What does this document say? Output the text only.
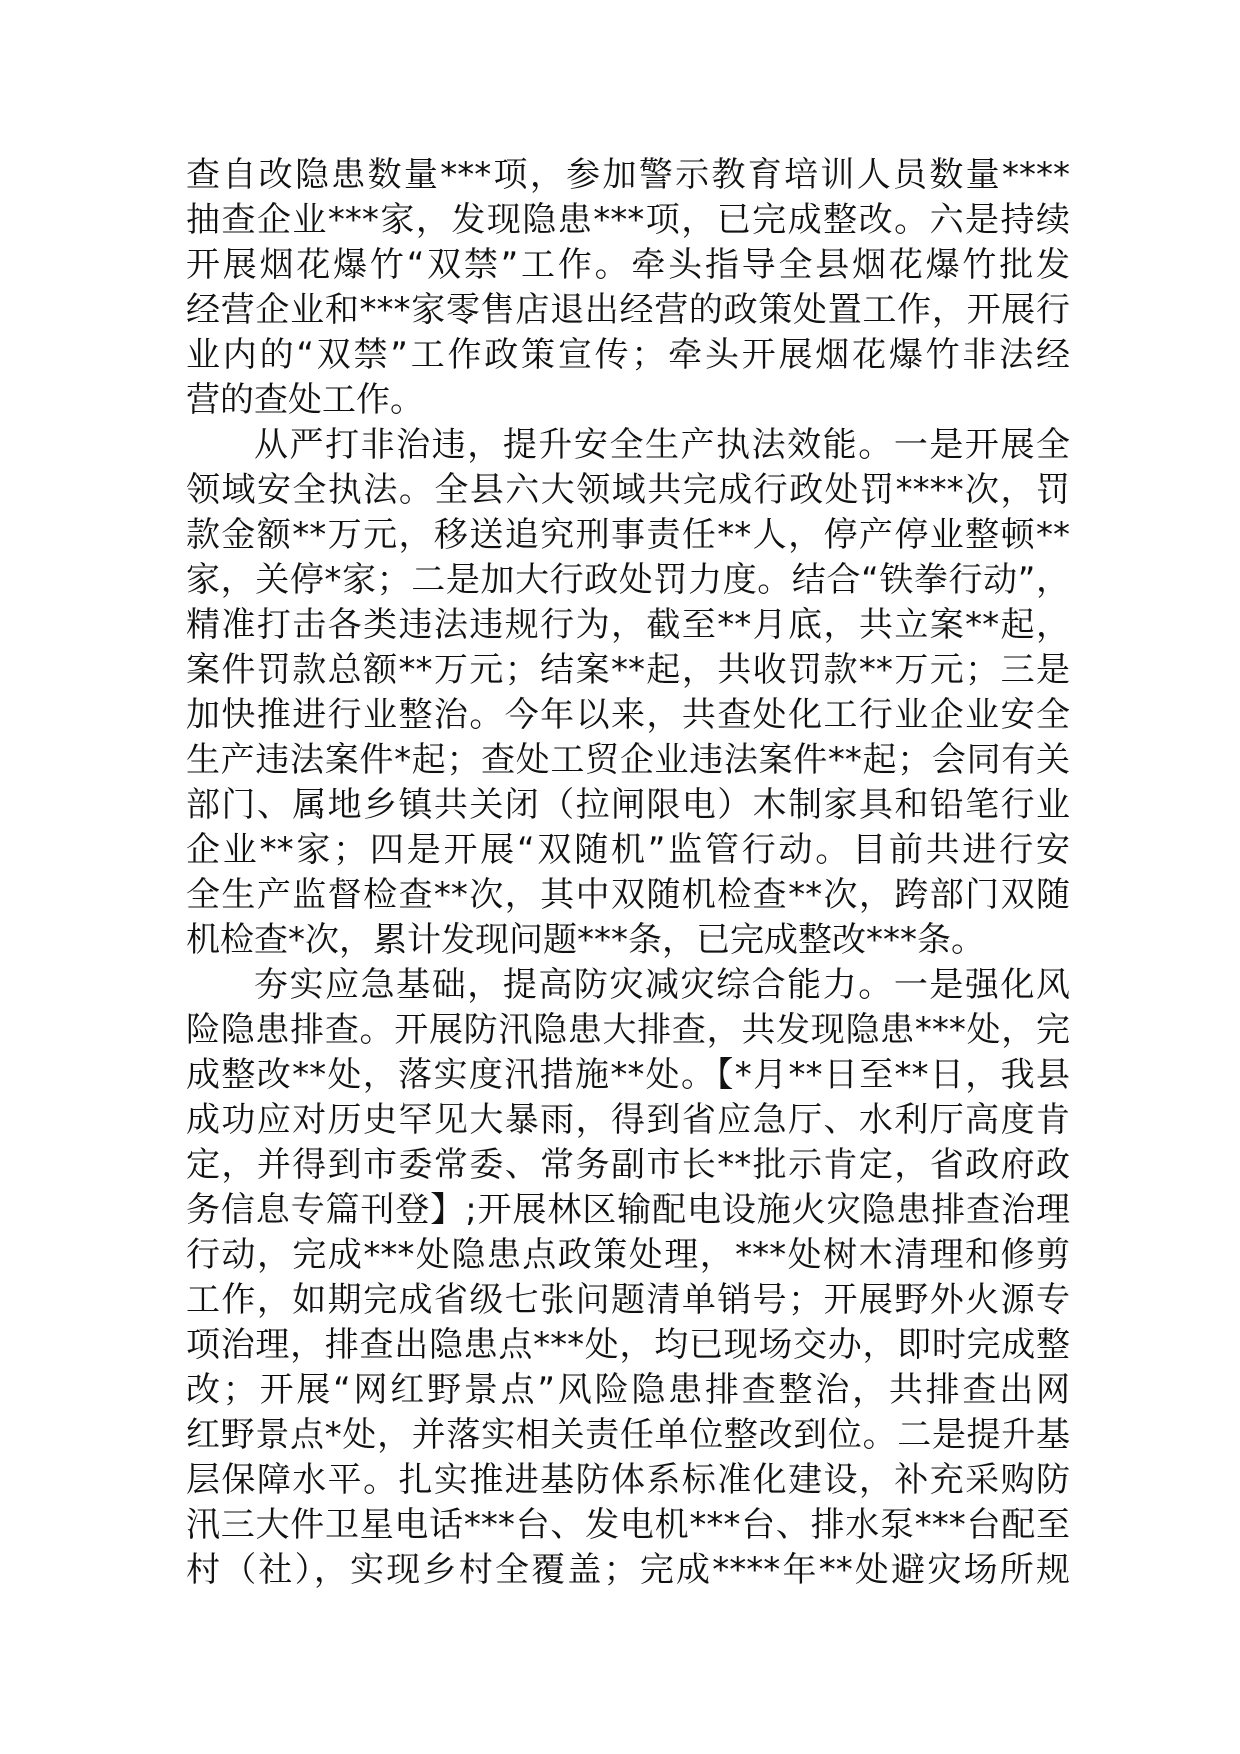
查自改隐患数量***项，参加警示教育培训人员数量****
抽查企业***家，发现隐患***项，已完成整改。六是持续
开展烟花爆竹“双禁”工作。牵头指导全县烟花爆竹批发
经营企业和***家零售店退出经营的政策处置工作，开展行
业内的“双禁”工作政策宣传；牵头开展烟花爆竹非法经
营的查处工作。
从严打非治违，提升安全生产执法效能。一是开展全
领域安全执法。全县六大领域共完成行政处罚****次，罚
款金额**万元，移送追究刑事责任**人，停产停业整顿**
家，关停*家；二是加大行政处罚力度。结合“铁拳行动”，
精准打击各类违法违规行为，截至**月底，共立案**起，
案件罚款总额**万元；结案**起，共收罚款**万元；三是
加快推进行业整治。今年以来，共查处化工行业企业安全
生产违法案件*起；查处工贸企业违法案件**起；会同有关
部门、属地乡镇共关闭（拉闸限电）木制家具和铅笔行业
企业**家；四是开展“双随机”监管行动。目前共进行安
全生产监督检查**次，其中双随机检查**次，跨部门双随
机检查*次，累计发现问题***条，已完成整改***条。
夯实应急基础，提高防灾减灾综合能力。一是强化风
险隐患排查。开展防汛隐患大排查，共发现隐患***处，完
成整改**处，落实度汛措施**处。【*月**日至**日，我县
成功应对历史罕见大暴雨，得到省应急厅、水利厅高度肯
定，并得到市委常委、常务副市长**批示肯定，省政府政
务信息专篇刊登】;开展林区输配电设施火灾隐患排查治理
行动，完成***处隐患点政策处理，***处树木清理和修剪
工作，如期完成省级七张问题清单销号；开展野外火源专
项治理，排查出隐患点***处，均已现场交办，即时完成整
改；开展“网红野景点”风险隐患排查整治，共排查出网
红野景点*处，并落实相关责任单位整改到位。二是提升基
层保障水平。扎实推进基防体系标准化建设，补充采购防
汛三大件卫星电话***台、发电机***台、排水泵***台配至
村（社），实现乡村全覆盖；完成****年**处避灾场所规
